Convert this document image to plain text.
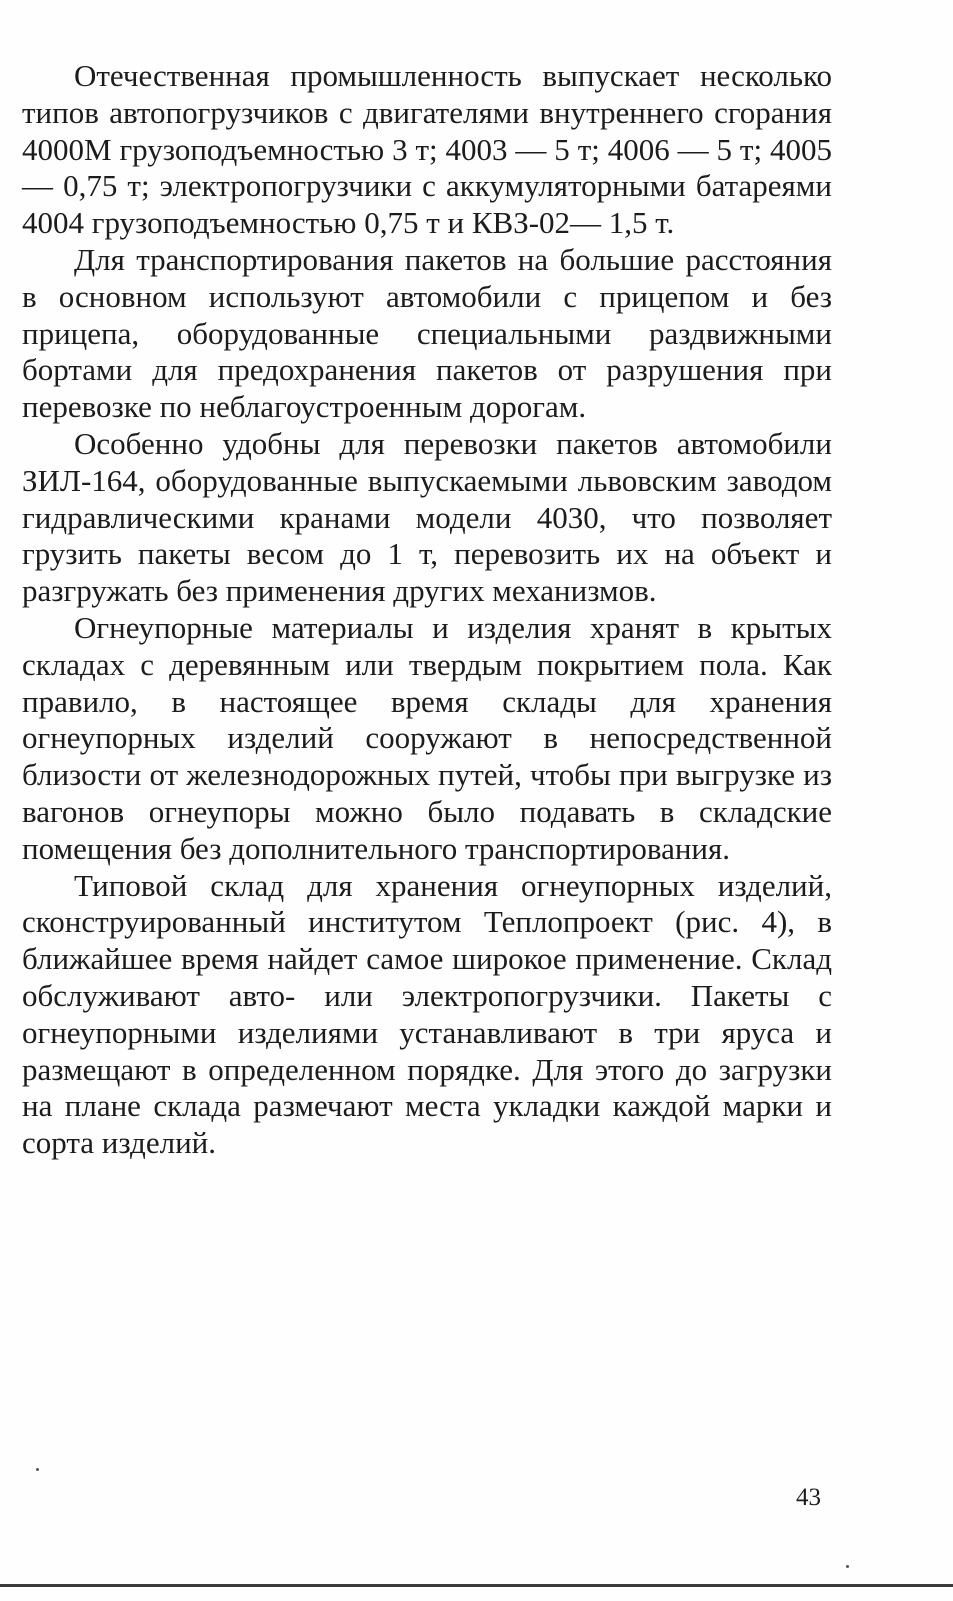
Отечественная промышленность выпускает несколько типов автопогрузчиков с двигателями внутреннего сгорания 4000М грузоподъемностью 3 т; 4003 — 5 т; 4006 — 5 т; 4005 — 0,75 т; электропогрузчики с аккумуляторными батареями 4004 грузоподъемностью 0,75 т и КВЗ-02— 1,5 т.

Для транспортирования пакетов на большие расстояния в основном используют автомобили с прицепом и без прицепа, оборудованные специальными раздвижными бортами для предохранения пакетов от разрушения при перевозке по неблагоустроенным дорогам.

Особенно удобны для перевозки пакетов автомобили ЗИЛ-164, оборудованные выпускаемыми львовским заводом гидравлическими кранами модели 4030, что позволяет грузить пакеты весом до 1 т, перевозить их на объект и разгружать без применения других механизмов.

Огнеупорные материалы и изделия хранят в крытых складах с деревянным или твердым покрытием пола. Как правило, в настоящее время склады для хранения огнеупорных изделий сооружают в непосредственной близости от железнодорожных путей, чтобы при выгрузке из вагонов огнеупоры можно было подавать в складские помещения без дополнительного транспортирования.

Типовой склад для хранения огнеупорных изделий, сконструированный институтом Теплопроект (рис. 4), в ближайшее время найдет самое широкое применение. Склад обслуживают авто- или электропогрузчики. Пакеты с огнеупорными изделиями устанавливают в три яруса и размещают в определенном порядке. Для этого до загрузки на плане склада размечают места укладки каждой марки и сорта изделий.

43
